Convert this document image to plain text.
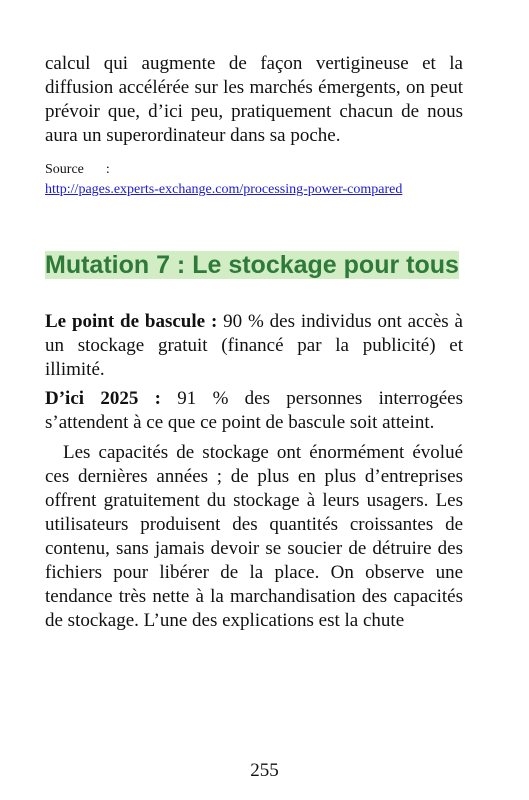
calcul qui augmente de façon vertigineuse et la diffusion accélérée sur les marchés émergents, on peut prévoir que, d’ici peu, pratiquement chacun de nous aura un superordinateur dans sa poche.

Source :
http://pages.experts-exchange.com/processing-power-compared
Mutation 7 : Le stockage pour tous

Le point de bascule : 90 % des individus ont accès à un stockage gratuit (financé par la publicité) et illimité.

D’ici 2025 : 91 % des personnes interrogées s’attendent à ce que ce point de bascule soit atteint.

Les capacités de stockage ont énormément évolué ces dernières années ; de plus en plus d’entreprises offrent gratuitement du stockage à leurs usagers. Les utilisateurs produisent des quantités croissantes de contenu, sans jamais devoir se soucier de détruire des fichiers pour libérer de la place. On observe une tendance très nette à la marchandisation des capacités de stockage. L’une des explications est la chute

255
